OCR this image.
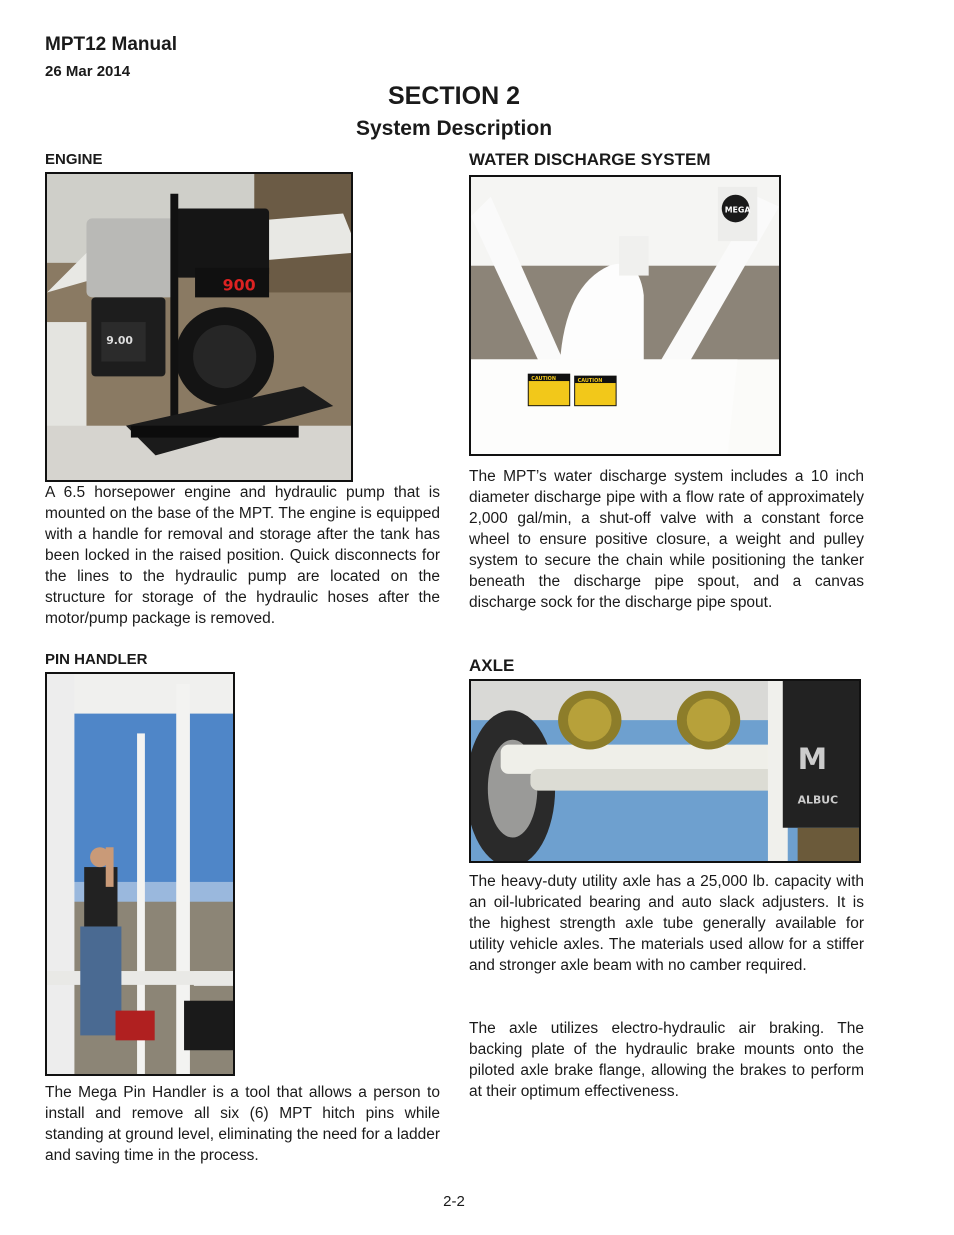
MPT12 Manual
26 Mar 2014
SECTION 2
System Description
ENGINE
900
9.00
A 6.5 horsepower engine and hydraulic pump that is mounted on the base of the MPT. The engine is equipped with a handle for removal and storage after the tank has been locked in the raised position. Quick disconnects for the lines to the hydraulic pump are located on the structure for storage of the hydraulic hoses after the motor/pump package is removed.
PIN HANDLER
The Mega Pin Handler is a tool that allows a person to install and remove all six (6) MPT hitch pins while standing at ground level, eliminating the need for a ladder and saving time in the process.
WATER DISCHARGE SYSTEM
MEGA
CAUTION	CAUTION
The MPT’s water discharge system includes a 10 inch diameter discharge pipe with a flow rate of approximately 2,000 gal/min, a shut-off valve with a constant force wheel to ensure positive closure, a weight and pulley system to secure the chain while positioning the tanker beneath the discharge pipe spout, and a canvas discharge sock for the discharge pipe spout.
AXLE
M
ALBUC
The heavy-duty utility axle has a 25,000 lb. capacity with an oil-lubricated bearing and auto slack adjusters. It is the highest strength axle tube generally available for utility vehicle axles. The materials used allow for a stiffer and stronger axle beam with no camber required.
The axle utilizes electro-hydraulic air braking. The backing plate of the hydraulic brake mounts onto the piloted axle brake flange, allowing the brakes to perform at their optimum effectiveness.
2-2
